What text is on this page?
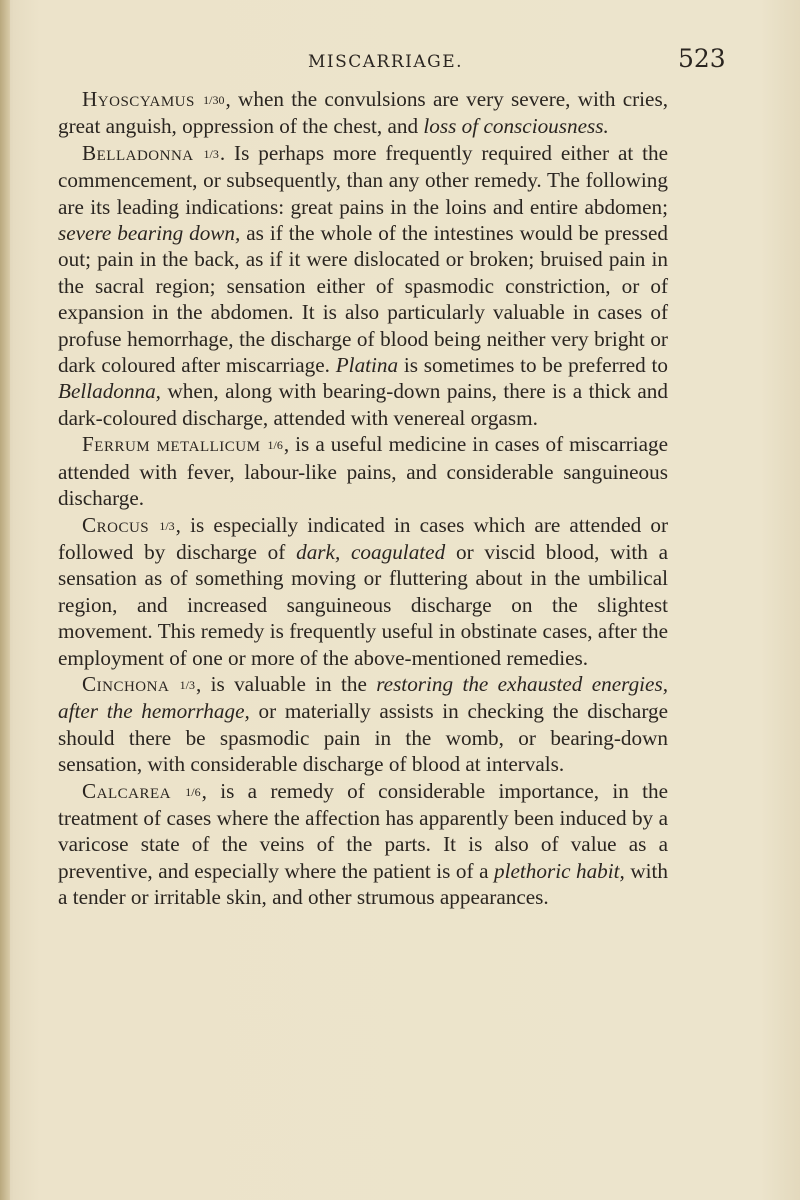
MISCARRIAGE.	523

Hyoscyamus 1/30, when the convulsions are very severe, with cries, great anguish, oppression of the chest, and loss of consciousness.

Belladonna 1/3. Is perhaps more frequently required either at the commencement, or subsequently, than any other remedy. The following are its leading indications: great pains in the loins and entire abdomen; severe bearing down, as if the whole of the intestines would be pressed out; pain in the back, as if it were dislocated or broken; bruised pain in the sacral region; sensation either of spasmodic constriction, or of expansion in the abdomen. It is also particularly valuable in cases of profuse hemorrhage, the discharge of blood being neither very bright or dark coloured after miscarriage. Platina is sometimes to be preferred to Belladonna, when, along with bearing-down pains, there is a thick and dark-coloured discharge, attended with venereal orgasm.

Ferrum metallicum 1/6, is a useful medicine in cases of miscarriage attended with fever, labour-like pains, and considerable sanguineous discharge.

Crocus 1/3, is especially indicated in cases which are attended or followed by discharge of dark, coagulated or viscid blood, with a sensation as of something moving or fluttering about in the umbilical region, and increased sanguineous discharge on the slightest movement. This remedy is frequently useful in obstinate cases, after the employment of one or more of the above-mentioned remedies.

Cinchona 1/3, is valuable in the restoring the exhausted energies, after the hemorrhage, or materially assists in checking the discharge should there be spasmodic pain in the womb, or bearing-down sensation, with considerable discharge of blood at intervals.

Calcarea 1/6, is a remedy of considerable importance, in the treatment of cases where the affection has apparently been induced by a varicose state of the veins of the parts. It is also of value as a preventive, and especially where the patient is of a plethoric habit, with a tender or irritable skin, and other strumous appearances.
